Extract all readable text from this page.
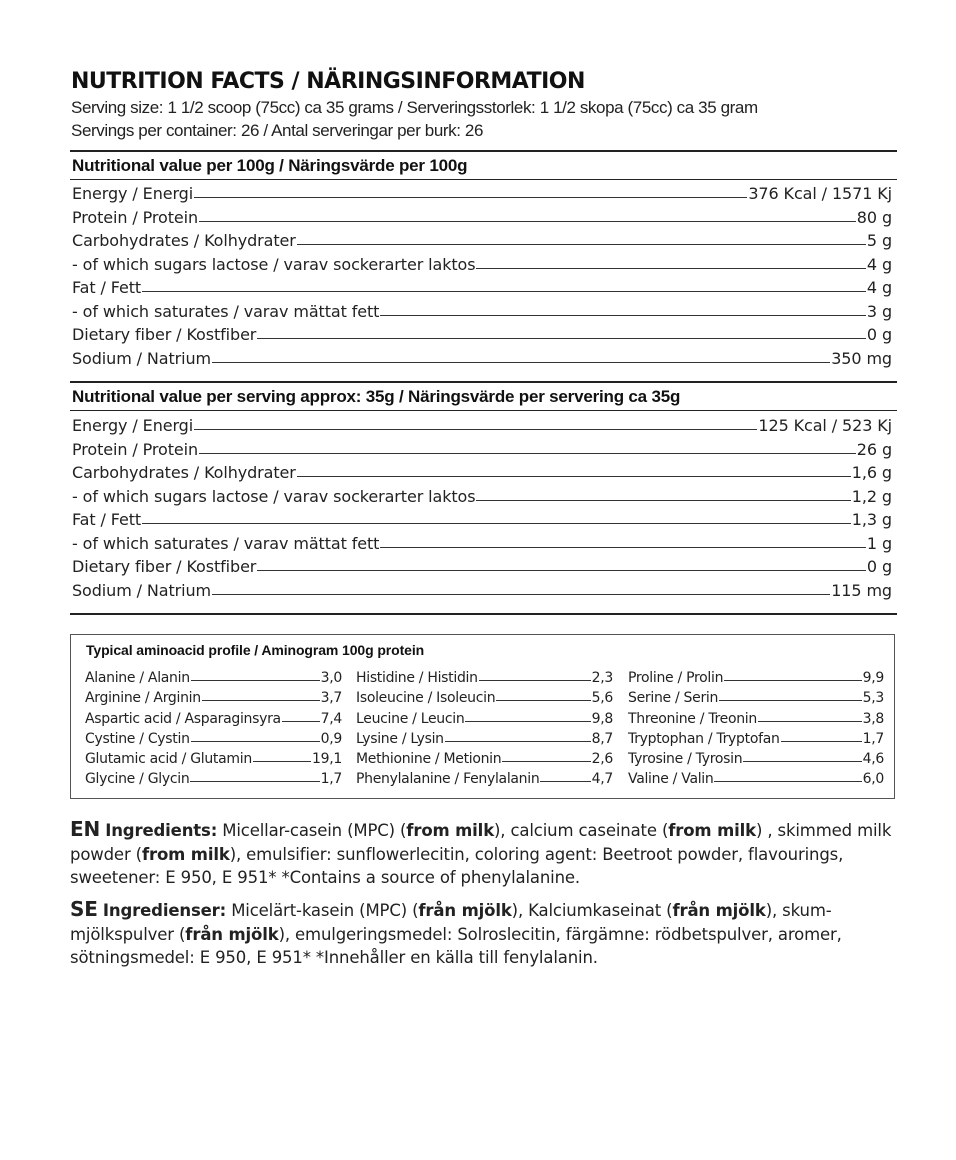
NUTRITION FACTS / NÄRINGSINFORMATION
Serving size: 1 1/2 scoop (75cc) ca 35 grams / Serveringsstorlek: 1 1/2 skopa (75cc) ca 35 gram
Servings per container: 26 / Antal serveringar per burk: 26
Nutritional value per 100g / Näringsvärde per 100g
Energy / Energi	376 Kcal / 1571 Kj
Protein / Protein	80 g
Carbohydrates / Kolhydrater	5 g
- of which sugars lactose / varav sockerarter laktos	4 g
Fat / Fett	4 g
- of which saturates / varav mättat fett	3 g
Dietary fiber / Kostfiber	0 g
Sodium / Natrium	350 mg
Nutritional value per serving approx: 35g / Näringsvärde per servering ca 35g
Energy / Energi	125 Kcal / 523 Kj
Protein / Protein	26 g
Carbohydrates / Kolhydrater	1,6 g
- of which sugars lactose / varav sockerarter laktos	1,2 g
Fat / Fett	1,3 g
- of which saturates / varav mättat fett	1 g
Dietary fiber / Kostfiber	0 g
Sodium / Natrium	115 mg
Typical aminoacid profile / Aminogram 100g protein
Alanine / Alanin	3,0
Arginine / Arginin	3,7
Aspartic acid / Asparaginsyra	7,4
Cystine / Cystin	0,9
Glutamic acid / Glutamin	19,1
Glycine / Glycin	1,7
Histidine / Histidin	2,3
Isoleucine / Isoleucin	5,6
Leucine / Leucin	9,8
Lysine / Lysin	8,7
Methionine / Metionin	2,6
Phenylalanine / Fenylalanin	4,7
Proline / Prolin	9,9
Serine / Serin	5,3
Threonine / Treonin	3,8
Tryptophan / Tryptofan	1,7
Tyrosine / Tyrosin	4,6
Valine / Valin	6,0

EN Ingredients: Micellar-casein (MPC) (from milk), calcium caseinate (from milk) , skimmed milk powder (from milk), emulsifier: sunflowerlecitin, coloring agent: Beetroot powder, flavourings, sweetener: E 950, E 951* *Contains a source of phenylalanine.

SE Ingredienser: Micelärt-kasein (MPC) (från mjölk), Kalciumkaseinat (från mjölk), skum-mjölkspulver (från mjölk), emulgeringsmedel: Solroslecitin, färgämne: rödbetspulver, aromer, sötningsmedel: E 950, E 951* *Innehåller en källa till fenylalanin.
